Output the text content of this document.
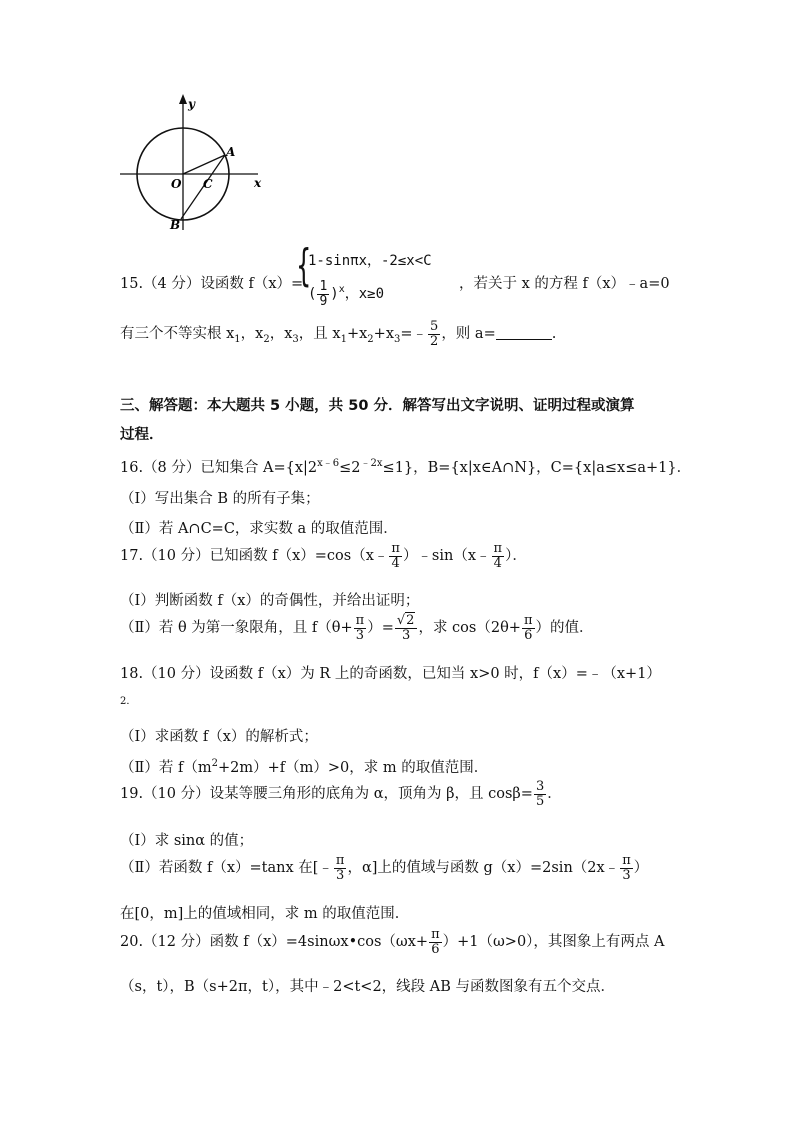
y
x
O
A
B
C
15.（4 分）设函数 f（x）=
{
1-sinπx，-2≤x<C
( $\frac{1}{9} )^x$，x≥0
，若关于 x 的方程 f（x）﹣a=0
有三个不等实根 $x_1$，$x_2$，$x_3$，且 $x_1+x_2+x_3=﹣ \frac{5}{2}$ ，则 a=	.
三、解答题：本大题共 5 小题，共 50 分．解答写出文字说明、证明过程或演算
过程．
16.（8 分）已知集合 $A=\{x|2^{x﹣6}\le 2^{﹣2x}\le 1\}$，B={x|x∈A∩N}，C={x|a≤x≤a+1}．
（Ⅰ）写出集合 B 的所有子集；
（Ⅱ）若 A∩C=C，求实数 a 的取值范围．
17.（10 分）已知函数 f（x）=cos（x﹣ $\frac{\pi}{4}$ ）﹣sin（x﹣ $\frac{\pi}{4}$ ）．
（Ⅰ）判断函数 f（x）的奇偶性，并给出证明；
（Ⅱ）若 θ 为第一象限角，且 $f(\theta+ \frac{\pi}{3}$ ）= $\frac{√2}{3}$ ，求 $\cos(2\theta+ \frac{\pi}{6}$ ）的值．
18.（10 分）设函数 f（x）为 R 上的奇函数，已知当 x>0 时，f（x）=﹣（x+1）
2．
（Ⅰ）求函数 f（x）的解析式；
（Ⅱ）若 $f(m^2+2m)+f(m)>0$，求 m 的取值范围．
19.（10 分）设某等腰三角形的底角为 α，顶角为 β，且 $\cos\beta= \frac{3}{5}$ ．
（Ⅰ）求 sinα 的值；
（Ⅱ）若函数 f（x）=tanx 在[﹣ $\frac{\pi}{3}$ ，α]上的值域与函数 g（x）=2sin（2x﹣ $\frac{\pi}{3}$ ）
在[0，m]上的值域相同，求 m 的取值范围．
20.（12 分）函数 f（x）=4sinωx•cos（ωx+ $\frac{\pi}{6} )+1(\omega>0)$，其图象上有两点 A
（s，t），B（s+2π，t），其中﹣2<t<2，线段 AB 与函数图象有五个交点．
